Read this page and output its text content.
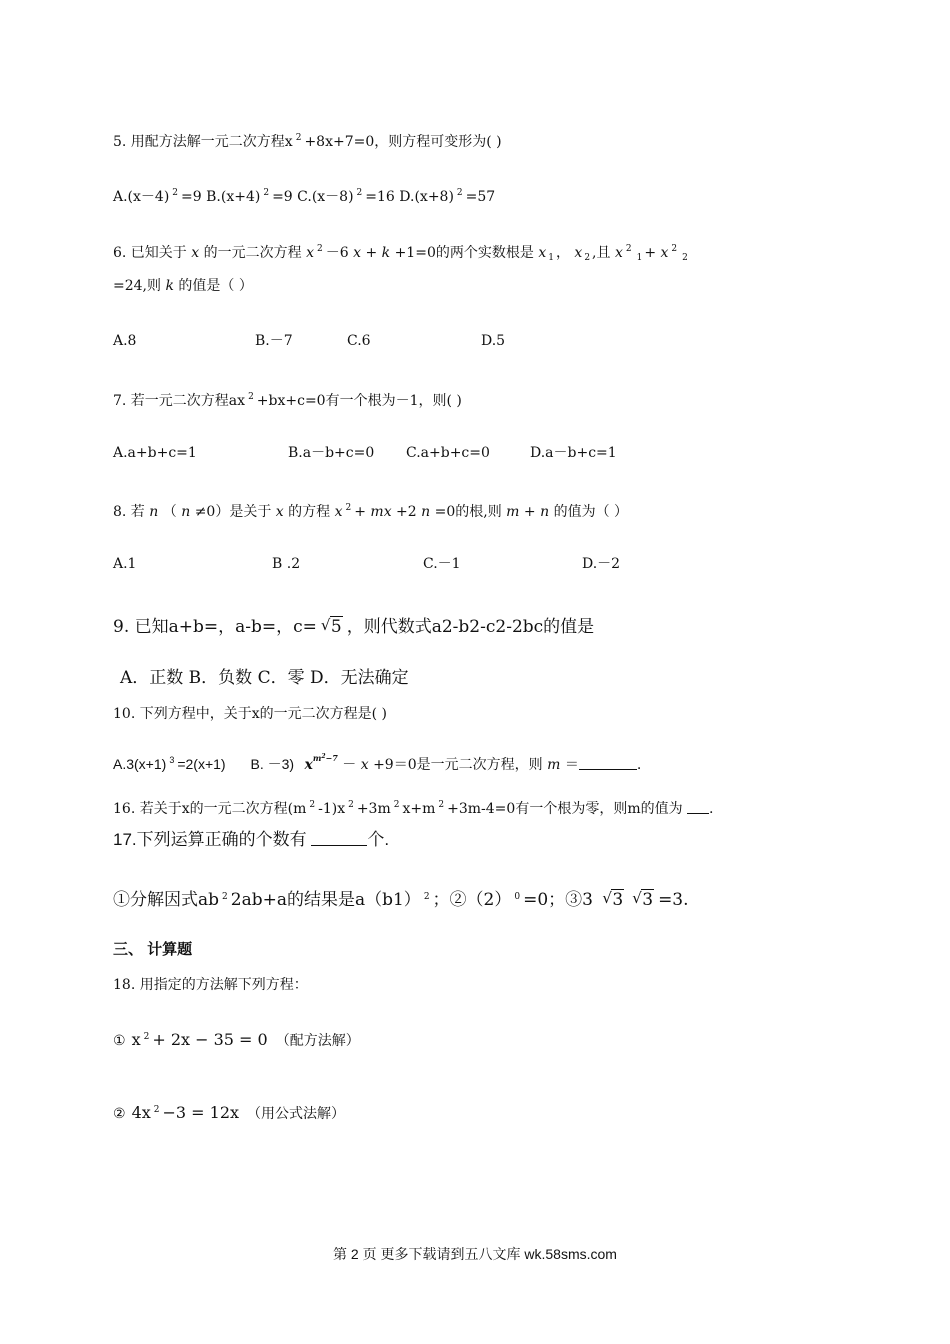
5. 用配方法解一元二次方程x $^2$ +8x+7=0，则方程可变形为( )
A.(x－4) $^2$ =9 B.(x+4) $^2$ =9 C.(x－8) $^2$ =16 D.(x+8) $^2$ =57
6. 已知关于 x 的一元二次方程 x $^2$ －6 x + k +1=0的两个实数根是 x $_1$ ， x $_2$ ,且 x $^2_1$ + x $^2_2$
=24,则 k 的值是（ ）
A.8	B.－7	C.6	D.5
7. 若一元二次方程ax $^2$ +bx+c=0有一个根为－1，则( )
A.a+b+c=1	B.a－b+c=0 C.a+b+c=0	D.a－b+c=1
8. 若 n （ n ≠0）是关于 x 的方程 x $^2$ + mx +2 n =0的根,则 m + n 的值为（ ）
A.1	B .2	C.－1	D.－2
9. 已知a+b=，a-b=，c= √ 5 ，则代数式a2-b2-c2-2bc的值是
A．正数 B．负数 C．零 D．无法确定
10. 下列方程中，关于x的一元二次方程是( )
A.3(x+1) $^3$ =2(x+1) B. －3) $x^{m^2-7} - x +9=0$是一元二次方程，则 m ＝	.
16. 若关于x的一元二次方程(m $^2$ -1)x $^2$ +3m $^2$ x+m $^2$ +3m-4=0有一个根为零，则m的值为 .
17.下列运算正确的个数有	个.
①分解因式ab $^2$ 2ab+a的结果是a（b1） $^2$ ；②（2） $^0$ =0；③3 √ 3 √ 3 =3.
三、 计算题
18. 用指定的方法解下列方程：
① x $^2$ + 2x − 35 = 0 （配方法解）
② 4x $^2$ −3 = 12x （用公式法解）
第 2 页 更多下载请到五八文库 wk.58sms.com
